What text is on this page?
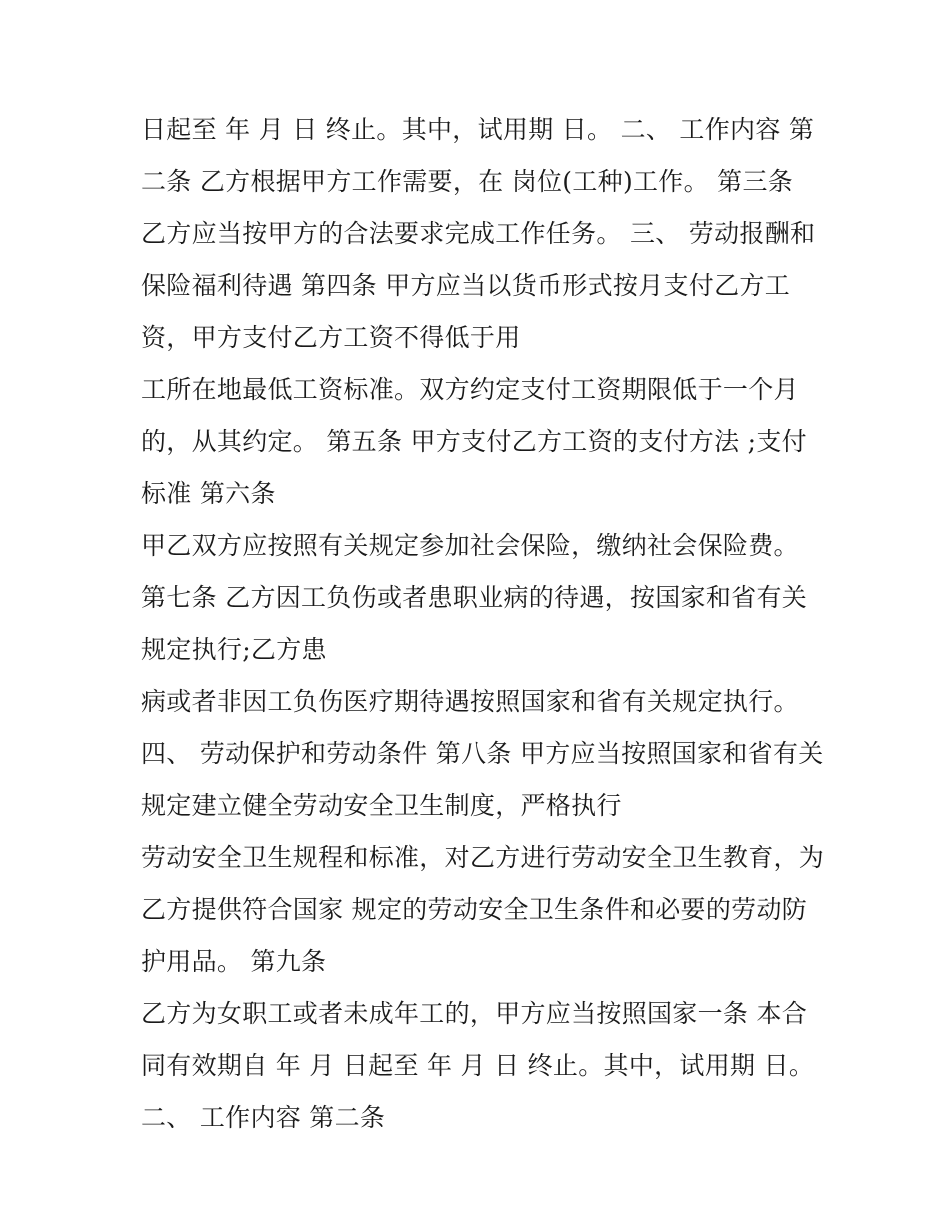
日起至 年 月 日 终止。其中，试用期 日。 二、 工作内容 第
二条 乙方根据甲方工作需要，在 岗位(工种)工作。 第三条
乙方应当按甲方的合法要求完成工作任务。 三、 劳动报酬和
保险福利待遇 第四条 甲方应当以货币形式按月支付乙方工
资，甲方支付乙方工资不得低于用
工所在地最低工资标准。双方约定支付工资期限低于一个月
的，从其约定。 第五条 甲方支付乙方工资的支付方法 ;支付
标准 第六条
甲乙双方应按照有关规定参加社会保险，缴纳社会保险费。
第七条 乙方因工负伤或者患职业病的待遇，按国家和省有关
规定执行;乙方患
病或者非因工负伤医疗期待遇按照国家和省有关规定执行。
四、 劳动保护和劳动条件 第八条 甲方应当按照国家和省有关
规定建立健全劳动安全卫生制度，严格执行
劳动安全卫生规程和标准，对乙方进行劳动安全卫生教育，为
乙方提供符合国家 规定的劳动安全卫生条件和必要的劳动防
护用品。 第九条
乙方为女职工或者未成年工的，甲方应当按照国家一条 本合
同有效期自 年 月 日起至 年 月 日 终止。其中，试用期 日。
二、 工作内容 第二条
